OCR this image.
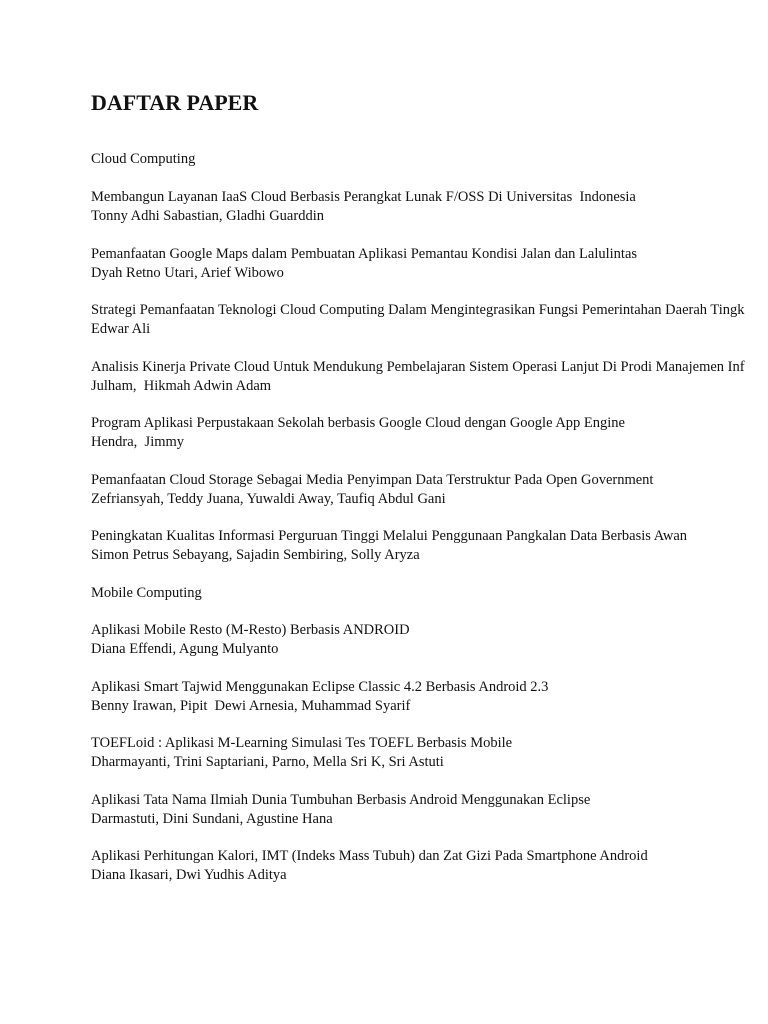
DAFTAR PAPER

Cloud Computing

Membangun Layanan IaaS Cloud Berbasis Perangkat Lunak F/OSS Di Universitas  Indonesia
Tonny Adhi Sabastian, Gladhi Guarddin
Pemanfaatan Google Maps dalam Pembuatan Aplikasi Pemantau Kondisi Jalan dan Lalulintas
Dyah Retno Utari, Arief Wibowo
Strategi Pemanfaatan Teknologi Cloud Computing Dalam Mengintegrasikan Fungsi Pemerintahan Daerah Tingk
Edwar Ali
Analisis Kinerja Private Cloud Untuk Mendukung Pembelajaran Sistem Operasi Lanjut Di Prodi Manajemen Inf
Julham,  Hikmah Adwin Adam
Program Aplikasi Perpustakaan Sekolah berbasis Google Cloud dengan Google App Engine
Hendra,  Jimmy
Pemanfaatan Cloud Storage Sebagai Media Penyimpan Data Terstruktur Pada Open Government
Zefriansyah, Teddy Juana, Yuwaldi Away, Taufiq Abdul Gani
Peningkatan Kualitas Informasi Perguruan Tinggi Melalui Penggunaan Pangkalan Data Berbasis Awan
Simon Petrus Sebayang, Sajadin Sembiring, Solly Aryza

Mobile Computing

Aplikasi Mobile Resto (M-Resto) Berbasis ANDROID
Diana Effendi, Agung Mulyanto
Aplikasi Smart Tajwid Menggunakan Eclipse Classic 4.2 Berbasis Android 2.3
Benny Irawan, Pipit  Dewi Arnesia, Muhammad Syarif
TOEFLoid : Aplikasi M-Learning Simulasi Tes TOEFL Berbasis Mobile
Dharmayanti, Trini Saptariani, Parno, Mella Sri K, Sri Astuti
Aplikasi Tata Nama Ilmiah Dunia Tumbuhan Berbasis Android Menggunakan Eclipse
Darmastuti, Dini Sundani, Agustine Hana
Aplikasi Perhitungan Kalori, IMT (Indeks Mass Tubuh) dan Zat Gizi Pada Smartphone Android
Diana Ikasari, Dwi Yudhis Aditya
